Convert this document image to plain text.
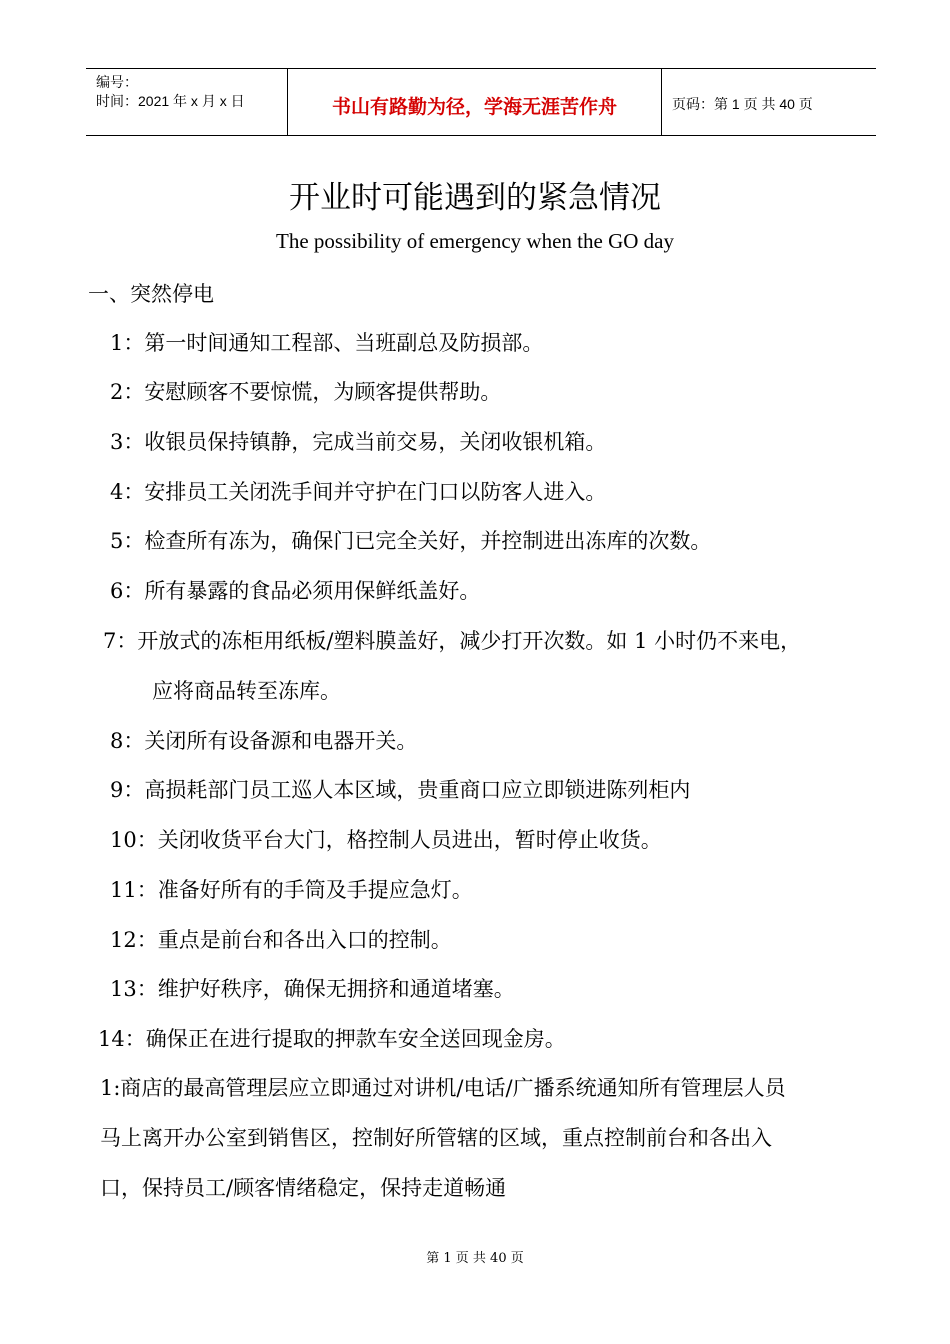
编号：
时间：2021 年 x 月 x 日	书山有路勤为径，学海无涯苦作舟	页码：第 1 页 共 40 页
开业时可能遇到的紧急情况
The possibility of emergency when the GO day
一、突然停电
1：第一时间通知工程部、当班副总及防损部。
2：安慰顾客不要惊慌，为顾客提供帮助。
3：收银员保持镇静，完成当前交易，关闭收银机箱。
4：安排员工关闭洗手间并守护在门口以防客人进入。
5：检查所有冻为，确保门已完全关好，并控制进出冻库的次数。
6：所有暴露的食品必须用保鲜纸盖好。
7：开放式的冻柜用纸板/塑料膜盖好，减少打开次数。如 1 小时仍不来电，
应将商品转至冻库。
8：关闭所有设备源和电器开关。
9：高损耗部门员工巡人本区域，贵重商口应立即锁进陈列柜内
10：关闭收货平台大门，格控制人员进出，暂时停止收货。
11：准备好所有的手筒及手提应急灯。
12：重点是前台和各出入口的控制。
13：维护好秩序，确保无拥挤和通道堵塞。
14：确保正在进行提取的押款车安全送回现金房。
1:商店的最高管理层应立即通过对讲机/电话/广播系统通知所有管理层人员
马上离开办公室到销售区，控制好所管辖的区域，重点控制前台和各出入
口，保持员工/顾客情绪稳定，保持走道畅通
第 1 页 共 40 页
